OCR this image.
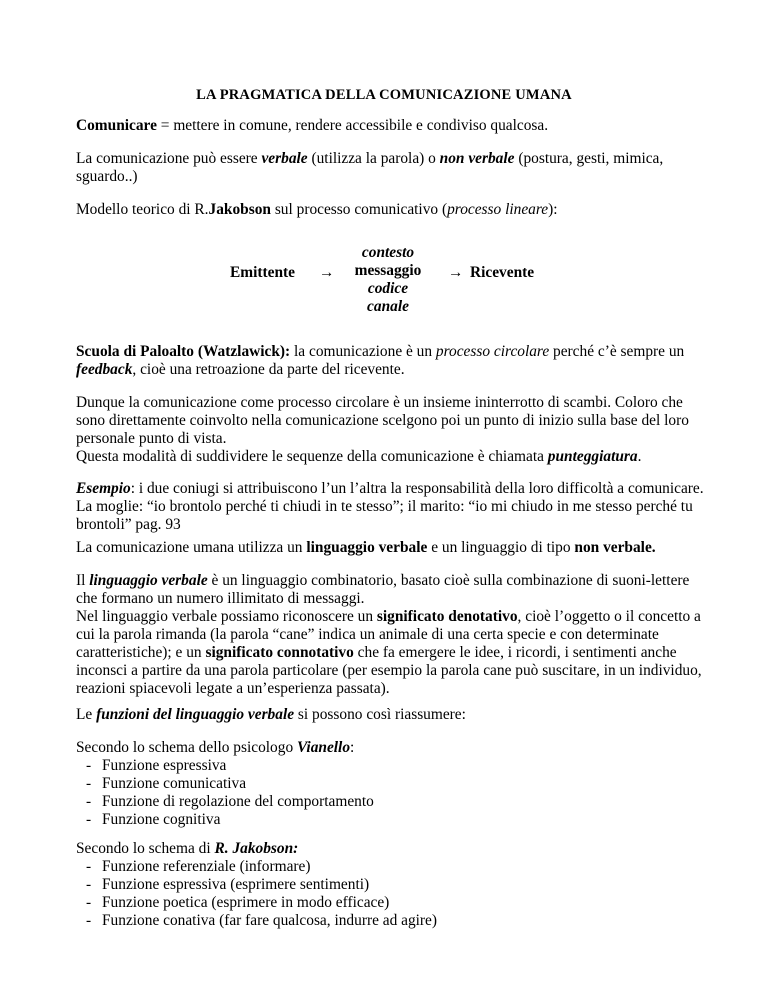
LA PRAGMATICA DELLA COMUNICAZIONE UMANA

Comunicare = mettere in comune, rendere accessibile e condiviso qualcosa.

La comunicazione può essere verbale (utilizza la parola) o non verbale (postura, gesti, mimica, sguardo..)

Modello teorico di R.Jakobson sul processo comunicativo (processo lineare):

Emittente →
contesto
messaggio
codice
canale
→ Ricevente

Scuola di Paloalto (Watzlawick): la comunicazione è un processo circolare perché c’è sempre un feedback, cioè una retroazione da parte del ricevente.

Dunque la comunicazione come processo circolare è un insieme ininterrotto di scambi. Coloro che sono direttamente coinvolto nella comunicazione scelgono poi un punto di inizio sulla base del loro personale punto di vista.
Questa modalità di suddividere le sequenze della comunicazione è chiamata punteggiatura.

Esempio: i due coniugi si attribuiscono l’un l’altra la responsabilità della loro difficoltà a comunicare. La moglie: “io brontolo perché ti chiudi in te stesso”; il marito: “io mi chiudo in me stesso perché tu brontoli” pag. 93

La comunicazione umana utilizza un linguaggio verbale e un linguaggio di tipo non verbale.

Il linguaggio verbale è un linguaggio combinatorio, basato cioè sulla combinazione di suoni-lettere che formano un numero illimitato di messaggi.
Nel linguaggio verbale possiamo riconoscere un significato denotativo, cioè l’oggetto o il concetto a cui la parola rimanda (la parola “cane” indica un animale di una certa specie e con determinate caratteristiche); e un significato connotativo che fa emergere le idee, i ricordi, i sentimenti anche inconsci a partire da una parola particolare (per esempio la parola cane può suscitare, in un individuo, reazioni spiacevoli legate a un’esperienza passata).

Le funzioni del linguaggio verbale si possono così riassumere:

Secondo lo schema dello psicologo Vianello:
- Funzione espressiva
- Funzione comunicativa
- Funzione di regolazione del comportamento
- Funzione cognitiva
Secondo lo schema di R. Jakobson:
- Funzione referenziale (informare)
- Funzione espressiva (esprimere sentimenti)
- Funzione poetica (esprimere in modo efficace)
- Funzione conativa (far fare qualcosa, indurre ad agire)
